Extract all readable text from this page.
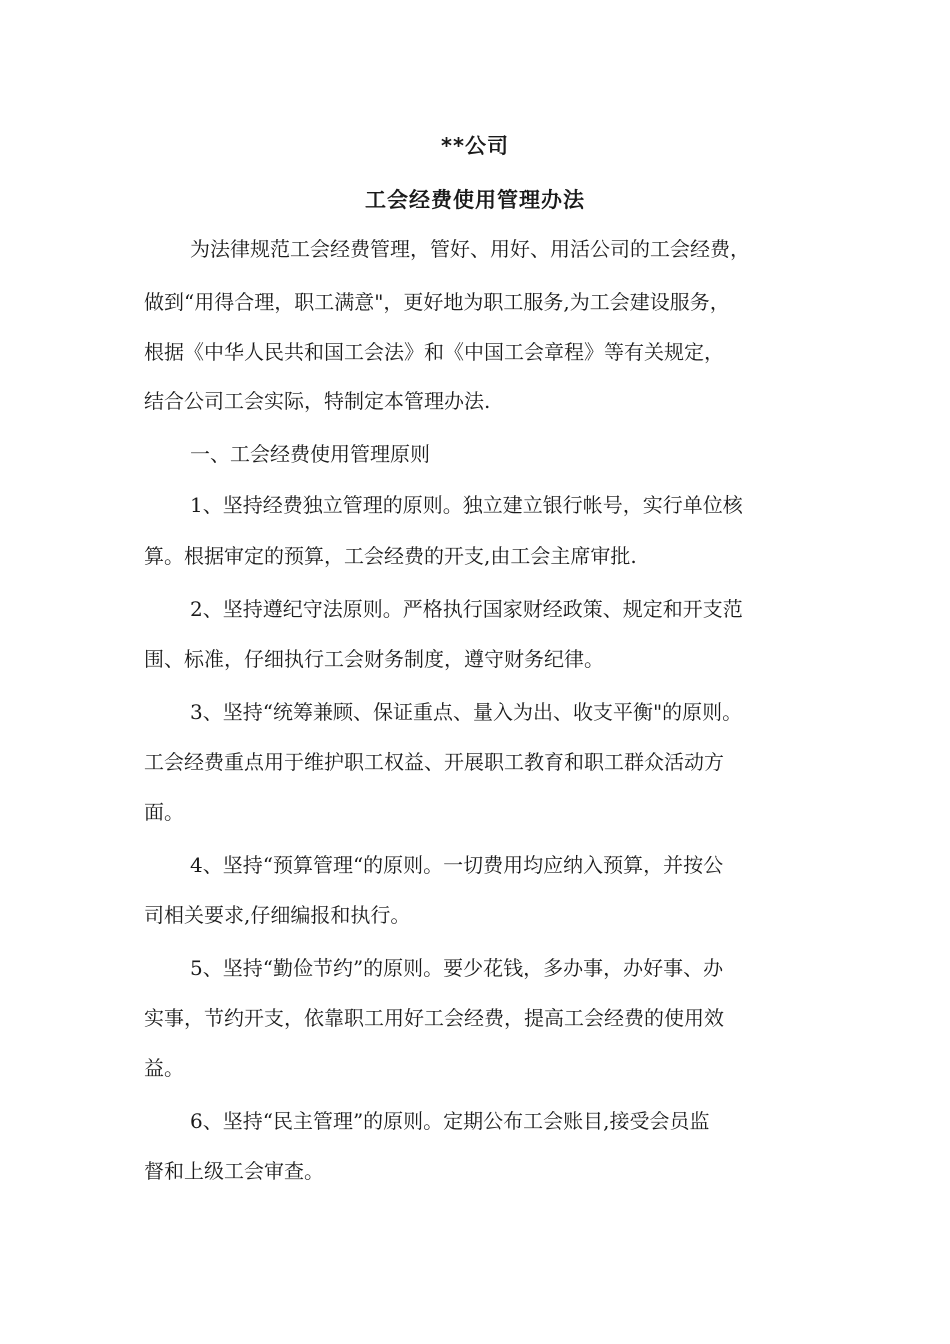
**公司
工会经费使用管理办法

为法律规范工会经费管理，管好、用好、用活公司的工会经费，

做到“用得合理，职工满意"，更好地为职工服务,为工会建设服务，

根据《中华人民共和国工会法》和《中国工会章程》等有关规定，

结合公司工会实际，特制定本管理办法.

一、工会经费使用管理原则

1、坚持经费独立管理的原则。独立建立银行帐号，实行单位核

算。根据审定的预算，工会经费的开支,由工会主席审批.

2、坚持遵纪守法原则。严格执行国家财经政策、规定和开支范

围、标准，仔细执行工会财务制度，遵守财务纪律。

3、坚持“统筹兼顾、保证重点、量入为出、收支平衡"的原则。

工会经费重点用于维护职工权益、开展职工教育和职工群众活动方

面。

4、坚持“预算管理“的原则。一切费用均应纳入预算，并按公

司相关要求,仔细编报和执行。

5、坚持“勤俭节约”的原则。要少花钱，多办事，办好事、办

实事，节约开支，依靠职工用好工会经费，提高工会经费的使用效

益。

6、坚持“民主管理”的原则。定期公布工会账目,接受会员监

督和上级工会审查。
